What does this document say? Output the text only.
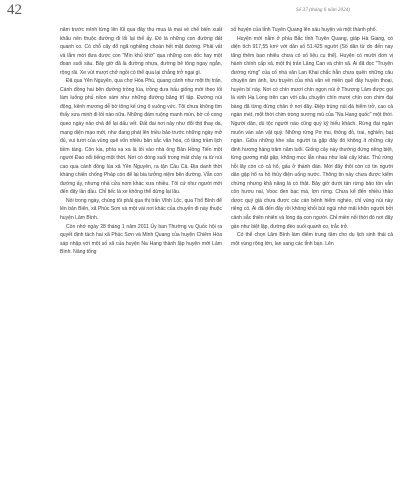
42	Số 37 (tháng 6 năm 2024)

năm trước mình từng lên lũi qua đây thu mua lá mai về chế biến xuất khẩu nên thuộc đường đi lối lại thế ấy. Đó là những con đường đất quanh co. Có chỗ cây đổ ngã nghiêng choán hết mặt đường. Phải vất vả lắm mới đưa được con "Mìn khủ khờ" qua những con dốc hay một đoạn suối sâu. Bây giờ đã là đường nhựa, đường bê tông ngay ngắn, rộng rãi. Xe vút mượt chở ngồi có thể qua lại chẳng trở ngại gì.

Đã qua Yên Nguyên, qua chợ Hòa Phú, quang cảnh như một thị trấn. Cánh đồng hai bên đường trồng lúa, trồng dưa hấu giống mới theo lối làm luống phủ nilon xám như những đường băng trĩ tập. Đường núi động, kênh mương dễ bờ tông kế ứng ô vuông vức. Tôi chưa không tìm thấy xưa minh đi lối nào nữa. Những đám ruộng manh mún, bờ cỏ cong queo ngày nào chả để lại dấu vết. Đất đai nơi này như đổi thịt thay da, mang diện mạo mới, như đang phát lên triều bảo trước những ngày mở đủ, vui tươi của vùng quê vốn nhiều bản sắc văn hóa, có tầng trầm lịch tiềm tàng. Còn kia, phía xa xa là lối vào nhà ông Bản Hồng Tiến một người Đao nổi tiếng một thời. Nơi có dòng suối trong mát chảy ra từ núi cao qua cánh đồng lúa xã Yên Nguyên, ra tận Cầu Cả. Địa danh thời kháng chiến chống Pháp còn để lại bia tưởng niệm bên đường. Vẫn con đường ấy, nhưng nhà cửa nom khác xưa nhiều. Tôi cứ như người mới đến đây lần đầu. Chỉ tiếc là xe không thể dừng lại lâu.

Nói trong ngày, chúng tôi phải qua thị trấn Vĩnh Lộc, qua Thổ Bình để lên bản Biên, xã Phúc Sơn và một vài nơi khác của chuyến đi này thuộc huyện Lâm Bình.

Còn nhớ ngày 28 tháng 1 năm 2011 Ủy ban Thường vụ Quốc hội ra quyết định tách hai xã Phúc Sơn và Minh Quang của huyện Chiêm Hóa sáp nhập với một số xã của huyện Na Hang thành lập huyện mới Lâm Bình. Nâng tổng

số huyện của tỉnh Tuyên Quang lên sáu huyện và một thành phố.

Huyện mới nằm ở phía Bắc tỉnh Tuyên Quang, giáp Hà Giang, có diện tích 917,55 km² với dân số 51.425 người (Số dân từ do đến nay tăng thêm bao nhiêu chưa có số liệu cụ thể). Huyện có mười đơn vị hành chính cấp xã, một thị trấn Lăng Can và chín xã. Ai đã đọc "Truyện đường rừng" của cố nhà văn Lan Khai chắc hẳn chưa quên những câu chuyện ám ảnh, lưu truyền của nhà văn về miền quê đầy huyền thoại, huyền bí này. Nơi có chín mươi chín ngọn núi ở Thượng Lâm được gọi là vịnh Hạ Long trên cạn với câu chuyện chín mươi chín con chim đại bàng đã từng đứng chân ở nơi đây. Điệp trùng núi đá hiểm trở, cao cả ngàn mét, một thời chim trong sương mù của "Na Hang quốc" một thời. Người dân, dù tộc người nào cũng quý kỹ hiếu khách. Rừng đại ngàn muôn vàn sản vật quý. Những rừng Pơ mu, thông đỏ, trai, nghiến, bạt ngàn. Giữa những khe sâu người ta gặp đây đó không ít những cây đinh hương hàng trăm năm tuổi. Giống cây này thường đứng riêng biệt, từng gương mật gặp, không mọc lẫn nhau như loài cây khác. Thủ rừng hỗi lây còn có cả hổ, gấu ở thành đàn. Mới đây thôi còn có tin người dân gặp hổ ra hồ thủy điện uống nước. Thông tin này chưa được kiểm chứng nhưng khả năng là có thật. Bây giờ dưới tán rừng bảo tồn vẫn còn hươu nai, Voọc đen bạc má, lợn rừng. Chưa kể đến nhiều thảo dược quý giá chưa được các cán bệnh hiểm nghèo, chỉ vùng núi này riêng có. Ai đã đến đây rồi không khỏi bùi ngùi nhớ mãi khôn người bởi cảnh sắc thiên nhiên và lòng dạ con người. Chỉ miền nối thời đó nơi đây gần như biệt lập, đường đèo suối quanh co, trắc trở.

Có thể chọn Lâm Bình làm điểm trung tâm cho du lịch sinh thái cả một vùng rộng lớn, lan sang các tỉnh bạn. Lên
